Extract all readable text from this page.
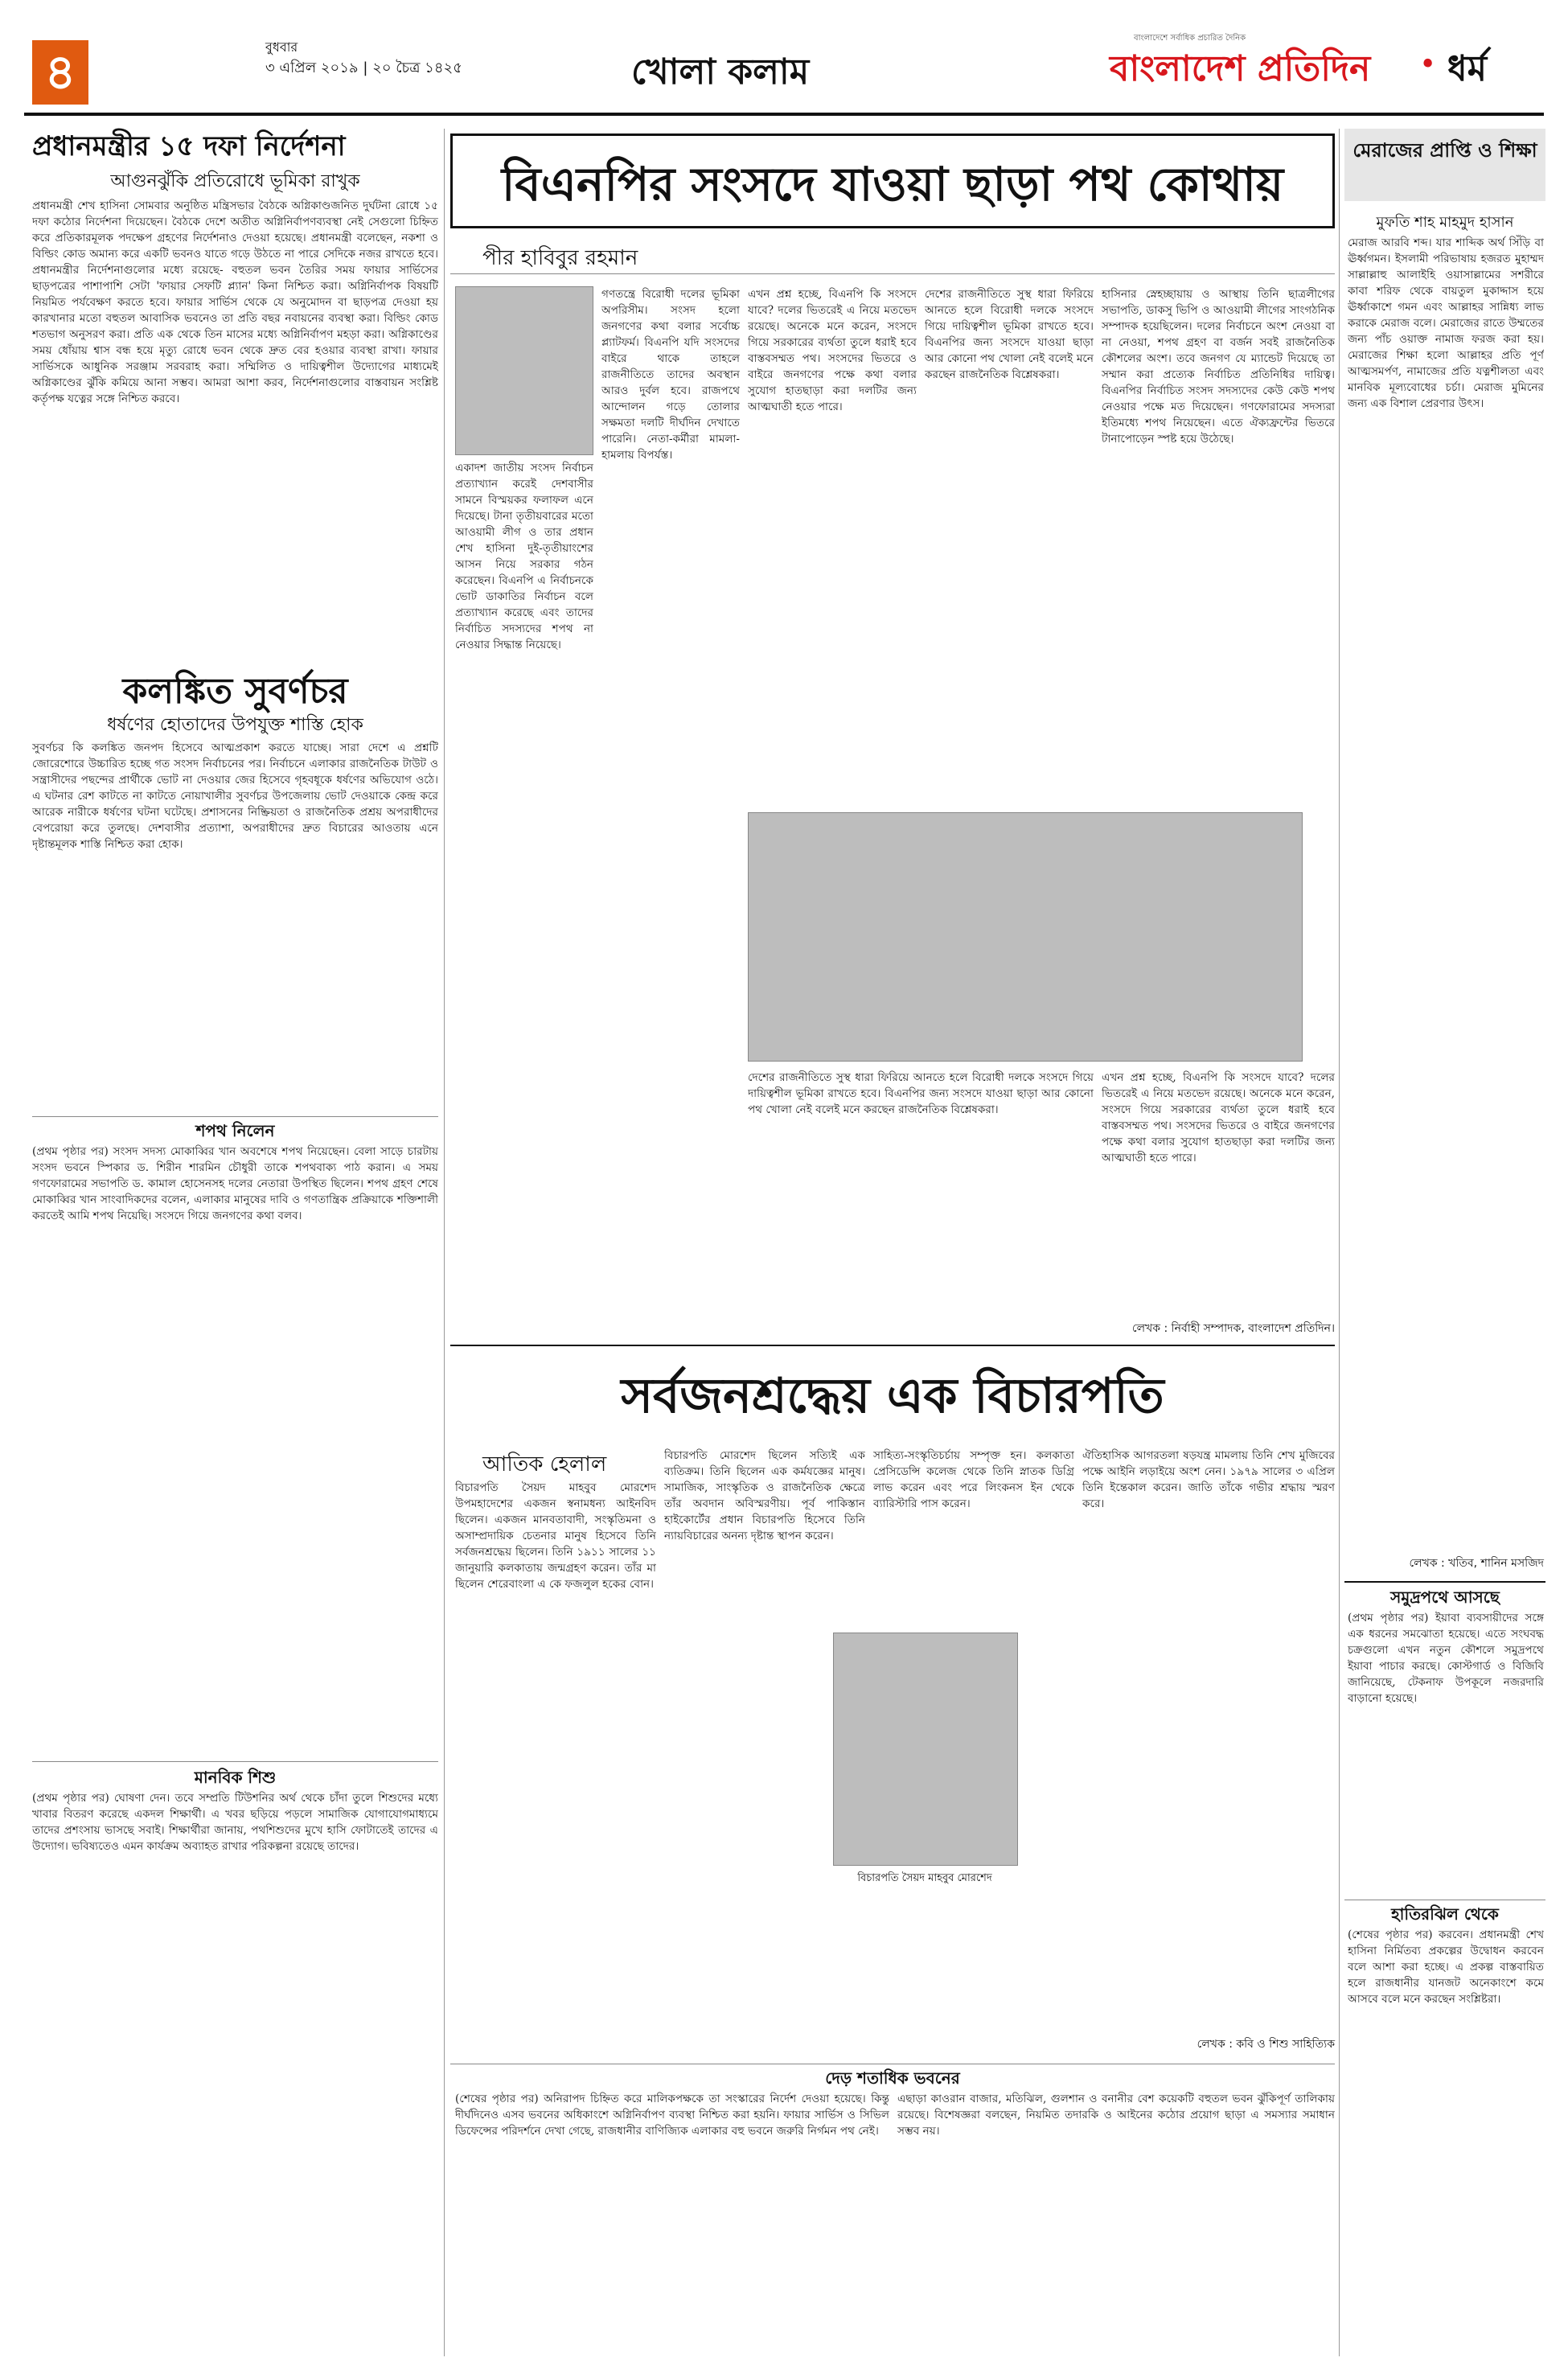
৪	বুধবার
৩ এপ্রিল ২০১৯ | ২০ চৈত্র ১৪২৫	খোলা কলাম
বাংলাদেশে সর্বাধিক প্রচারিত দৈনিক
বাংলাদেশ প্রতিদিন • ধর্ম
প্রধানমন্ত্রীর ১৫ দফা নির্দেশনা
আগুনঝুঁকি প্রতিরোধে ভূমিকা রাখুক
প্রধানমন্ত্রী শেখ হাসিনা সোমবার অনুষ্ঠিত মন্ত্রিসভার বৈঠকে অগ্নিকাণ্ডজনিত দুর্ঘটনা রোধে ১৫ দফা কঠোর নির্দেশনা দিয়েছেন। বৈঠকে দেশে অতীত অগ্নিনির্বাপণব্যবস্থা নেই সেগুলো চিহ্নিত করে প্রতিকারমূলক পদক্ষেপ গ্রহণের নির্দেশনাও দেওয়া হয়েছে। প্রধানমন্ত্রী বলেছেন, নকশা ও বিল্ডিং কোড অমান্য করে একটি ভবনও যাতে গড়ে উঠতে না পারে সেদিকে নজর রাখতে হবে। প্রধানমন্ত্রীর নির্দেশনাগুলোর মধ্যে রয়েছে- বহুতল ভবন তৈরির সময় ফায়ার সার্ভিসের ছাড়পত্রের পাশাপাশি সেটা 'ফায়ার সেফটি প্ল্যান' কিনা নিশ্চিত করা। অগ্নিনির্বাপক বিষয়টি নিয়মিত পর্যবেক্ষণ করতে হবে। ফায়ার সার্ভিস থেকে যে অনুমোদন বা ছাড়পত্র দেওয়া হয় কারখানার মতো বহুতল আবাসিক ভবনেও তা প্রতি বছর নবায়নের ব্যবস্থা করা। বিল্ডিং কোড শতভাগ অনুসরণ করা। প্রতি এক থেকে তিন মাসের মধ্যে অগ্নিনির্বাপণ মহড়া করা। অগ্নিকাণ্ডের সময় ধোঁয়ায় শ্বাস বন্ধ হয়ে মৃত্যু রোধে ভবন থেকে দ্রুত বের হওয়ার ব্যবস্থা রাখা। ফায়ার সার্ভিসকে আধুনিক সরঞ্জাম সরবরাহ করা। সম্মিলিত ও দায়িত্বশীল উদ্যোগের মাধ্যমেই অগ্নিকাণ্ডের ঝুঁকি কমিয়ে আনা সম্ভব। আমরা আশা করব, নির্দেশনাগুলোর বাস্তবায়ন সংশ্লিষ্ট কর্তৃপক্ষ যত্নের সঙ্গে নিশ্চিত করবে।
কলঙ্কিত সুবর্ণচর
ধর্ষণের হোতাদের উপযুক্ত শাস্তি হোক
সুবর্ণচর কি কলঙ্কিত জনপদ হিসেবে আত্মপ্রকাশ করতে যাচ্ছে। সারা দেশে এ প্রশ্নটি জোরেশোরে উচ্চারিত হচ্ছে গত সংসদ নির্বাচনের পর। নির্বাচনে এলাকার রাজনৈতিক টাউট ও সন্ত্রাসীদের পছন্দের প্রার্থীকে ভোট না দেওয়ার জের হিসেবে গৃহবধূকে ধর্ষণের অভিযোগ ওঠে। এ ঘটনার রেশ কাটতে না কাটতে নোয়াখালীর সুবর্ণচর উপজেলায় ভোট দেওয়াকে কেন্দ্র করে আরেক নারীকে ধর্ষণের ঘটনা ঘটেছে। প্রশাসনের নিষ্ক্রিয়তা ও রাজনৈতিক প্রশ্রয় অপরাধীদের বেপরোয়া করে তুলছে। দেশবাসীর প্রত্যাশা, অপরাধীদের দ্রুত বিচারের আওতায় এনে দৃষ্টান্তমূলক শাস্তি নিশ্চিত করা হোক।
শপথ নিলেন
(প্রথম পৃষ্ঠার পর) সংসদ সদস্য মোকাব্বির খান অবশেষে শপথ নিয়েছেন। বেলা সাড়ে চারটায় সংসদ ভবনে স্পিকার ড. শিরীন শারমিন চৌধুরী তাকে শপথবাক্য পাঠ করান। এ সময় গণফোরামের সভাপতি ড. কামাল হোসেনসহ দলের নেতারা উপস্থিত ছিলেন। শপথ গ্রহণ শেষে মোকাব্বির খান সাংবাদিকদের বলেন, এলাকার মানুষের দাবি ও গণতান্ত্রিক প্রক্রিয়াকে শক্তিশালী করতেই আমি শপথ নিয়েছি। সংসদে গিয়ে জনগণের কথা বলব।
মানবিক শিশু
(প্রথম পৃষ্ঠার পর) ঘোষণা দেন। তবে সম্প্রতি টিউশনির অর্থ থেকে চাঁদা তুলে শিশুদের মধ্যে খাবার বিতরণ করেছে একদল শিক্ষার্থী। এ খবর ছড়িয়ে পড়লে সামাজিক যোগাযোগমাধ্যমে তাদের প্রশংসায় ভাসছে সবাই। শিক্ষার্থীরা জানায়, পথশিশুদের মুখে হাসি ফোটাতেই তাদের এ উদ্যোগ। ভবিষ্যতেও এমন কার্যক্রম অব্যাহত রাখার পরিকল্পনা রয়েছে তাদের।
বিএনপির সংসদে যাওয়া ছাড়া পথ কোথায়
পীর হাবিবুর রহমান
একাদশ জাতীয় সংসদ নির্বাচন প্রত্যাখ্যান করেই দেশবাসীর সামনে বিস্ময়কর ফলাফল এনে দিয়েছে। টানা তৃতীয়বারের মতো আওয়ামী লীগ ও তার প্রধান শেখ হাসিনা দুই-তৃতীয়াংশের আসন নিয়ে সরকার গঠন করেছেন। বিএনপি এ নির্বাচনকে ভোট ডাকাতির নির্বাচন বলে প্রত্যাখ্যান করেছে এবং তাদের নির্বাচিত সদস্যদের শপথ না নেওয়ার সিদ্ধান্ত নিয়েছে।
গণতন্ত্রে বিরোধী দলের ভূমিকা অপরিসীম। সংসদ হলো জনগণের কথা বলার সর্বোচ্চ প্ল্যাটফর্ম। বিএনপি যদি সংসদের বাইরে থাকে তাহলে রাজনীতিতে তাদের অবস্থান আরও দুর্বল হবে। রাজপথে আন্দোলন গড়ে তোলার সক্ষমতা দলটি দীর্ঘদিন দেখাতে পারেনি। নেতা-কর্মীরা মামলা-হামলায় বিপর্যস্ত।
এখন প্রশ্ন হচ্ছে, বিএনপি কি সংসদে যাবে? দলের ভিতরেই এ নিয়ে মতভেদ রয়েছে। অনেকে মনে করেন, সংসদে গিয়ে সরকারের ব্যর্থতা তুলে ধরাই হবে বাস্তবসম্মত পথ। সংসদের ভিতরে ও বাইরে জনগণের পক্ষে কথা বলার সুযোগ হাতছাড়া করা দলটির জন্য আত্মঘাতী হতে পারে।
দেশের রাজনীতিতে সুস্থ ধারা ফিরিয়ে আনতে হলে বিরোধী দলকে সংসদে গিয়ে দায়িত্বশীল ভূমিকা রাখতে হবে। বিএনপির জন্য সংসদে যাওয়া ছাড়া আর কোনো পথ খোলা নেই বলেই মনে করছেন রাজনৈতিক বিশ্লেষকরা।
দেশের রাজনীতিতে সুস্থ ধারা ফিরিয়ে আনতে হলে বিরোধী দলকে সংসদে গিয়ে দায়িত্বশীল ভূমিকা রাখতে হবে। বিএনপির জন্য সংসদে যাওয়া ছাড়া আর কোনো পথ খোলা নেই বলেই মনে করছেন রাজনৈতিক বিশ্লেষকরা।
হাসিনার স্নেহচ্ছায়ায় ও আস্থায় তিনি ছাত্রলীগের সভাপতি, ডাকসু ভিপি ও আওয়ামী লীগের সাংগঠনিক সম্পাদক হয়েছিলেন। দলের নির্বাচনে অংশ নেওয়া বা না নেওয়া, শপথ গ্রহণ বা বর্জন সবই রাজনৈতিক কৌশলের অংশ। তবে জনগণ যে ম্যান্ডেট দিয়েছে তা সম্মান করা প্রত্যেক নির্বাচিত প্রতিনিধির দায়িত্ব। বিএনপির নির্বাচিত সংসদ সদস্যদের কেউ কেউ শপথ নেওয়ার পক্ষে মত দিয়েছেন। গণফোরামের সদস্যরা ইতিমধ্যে শপথ নিয়েছেন। এতে ঐক্যফ্রন্টের ভিতরে টানাপোড়েন স্পষ্ট হয়ে উঠেছে।
এখন প্রশ্ন হচ্ছে, বিএনপি কি সংসদে যাবে? দলের ভিতরেই এ নিয়ে মতভেদ রয়েছে। অনেকে মনে করেন, সংসদে গিয়ে সরকারের ব্যর্থতা তুলে ধরাই হবে বাস্তবসম্মত পথ। সংসদের ভিতরে ও বাইরে জনগণের পক্ষে কথা বলার সুযোগ হাতছাড়া করা দলটির জন্য আত্মঘাতী হতে পারে।
লেখক : নির্বাহী সম্পাদক, বাংলাদেশ প্রতিদিন।
সর্বজনশ্রদ্ধেয় এক বিচারপতি
আতিক হেলাল
বিচারপতি সৈয়দ মাহবুব মোরশেদ উপমহাদেশের একজন স্বনামধন্য আইনবিদ ছিলেন। একজন মানবতাবাদী, সংস্কৃতিমনা ও অসাম্প্রদায়িক চেতনার মানুষ হিসেবে তিনি সর্বজনশ্রদ্ধেয় ছিলেন। তিনি ১৯১১ সালের ১১ জানুয়ারি কলকাতায় জন্মগ্রহণ করেন। তাঁর মা ছিলেন শেরেবাংলা এ কে ফজলুল হকের বোন।
বিচারপতি মোরশেদ ছিলেন সত্যিই এক ব্যতিক্রম। তিনি ছিলেন এক কর্মযজ্ঞের মানুষ। সামাজিক, সাংস্কৃতিক ও রাজনৈতিক ক্ষেত্রে তাঁর অবদান অবিস্মরণীয়। পূর্ব পাকিস্তান হাইকোর্টের প্রধান বিচারপতি হিসেবে তিনি ন্যায়বিচারের অনন্য দৃষ্টান্ত স্থাপন করেন।
সাহিত্য-সংস্কৃতিচর্চায় সম্পৃক্ত হন। কলকাতা প্রেসিডেন্সি কলেজ থেকে তিনি স্নাতক ডিগ্রি লাভ করেন এবং পরে লিংকনস ইন থেকে ব্যারিস্টারি পাস করেন।
বিচারপতি সৈয়দ মাহবুব মোরশেদ
ঐতিহাসিক আগরতলা ষড়যন্ত্র মামলায় তিনি শেখ মুজিবের পক্ষে আইনি লড়াইয়ে অংশ নেন। ১৯৭৯ সালের ৩ এপ্রিল তিনি ইন্তেকাল করেন। জাতি তাঁকে গভীর শ্রদ্ধায় স্মরণ করে।
লেখক : কবি ও শিশু সাহিত্যিক
দেড় শতাধিক ভবনের
(শেষের পৃষ্ঠার পর) অনিরাপদ চিহ্নিত করে মালিকপক্ষকে তা সংস্কারের নির্দেশ দেওয়া হয়েছে। কিন্তু দীর্ঘদিনেও এসব ভবনের অধিকাংশে অগ্নিনির্বাপণ ব্যবস্থা নিশ্চিত করা হয়নি। ফায়ার সার্ভিস ও সিভিল ডিফেন্সের পরিদর্শনে দেখা গেছে, রাজধানীর বাণিজ্যিক এলাকার বহু ভবনে জরুরি নির্গমন পথ নেই।
এছাড়া কাওরান বাজার, মতিঝিল, গুলশান ও বনানীর বেশ কয়েকটি বহুতল ভবন ঝুঁকিপূর্ণ তালিকায় রয়েছে। বিশেষজ্ঞরা বলছেন, নিয়মিত তদারকি ও আইনের কঠোর প্রয়োগ ছাড়া এ সমস্যার সমাধান সম্ভব নয়।
মেরাজের প্রাপ্তি ও শিক্ষা
মুফতি শাহ মাহমুদ হাসান
মেরাজ আরবি শব্দ। যার শাব্দিক অর্থ সিঁড়ি বা ঊর্ধ্বগমন। ইসলামী পরিভাষায় হজরত মুহাম্মদ সাল্লাল্লাহু আলাইহি ওয়াসাল্লামের সশরীরে কাবা শরিফ থেকে বায়তুল মুকাদ্দাস হয়ে ঊর্ধ্বাকাশে গমন এবং আল্লাহর সান্নিধ্য লাভ করাকে মেরাজ বলে। মেরাজের রাতে উম্মতের জন্য পাঁচ ওয়াক্ত নামাজ ফরজ করা হয়। মেরাজের শিক্ষা হলো আল্লাহর প্রতি পূর্ণ আত্মসমর্পণ, নামাজের প্রতি যত্নশীলতা এবং মানবিক মূল্যবোধের চর্চা। মেরাজ মুমিনের জন্য এক বিশাল প্রেরণার উৎস।
লেখক : খতিব, শানিন মসজিদ
সমুদ্রপথে আসছে
(প্রথম পৃষ্ঠার পর) ইয়াবা ব্যবসায়ীদের সঙ্গে এক ধরনের সমঝোতা হয়েছে। এতে সংঘবদ্ধ চক্রগুলো এখন নতুন কৌশলে সমুদ্রপথে ইয়াবা পাচার করছে। কোস্টগার্ড ও বিজিবি জানিয়েছে, টেকনাফ উপকূলে নজরদারি বাড়ানো হয়েছে।
হাতিরঝিল থেকে
(শেষের পৃষ্ঠার পর) করবেন। প্রধানমন্ত্রী শেখ হাসিনা নির্মিতব্য প্রকল্পের উদ্বোধন করবেন বলে আশা করা হচ্ছে। এ প্রকল্প বাস্তবায়িত হলে রাজধানীর যানজট অনেকাংশে কমে আসবে বলে মনে করছেন সংশ্লিষ্টরা।
